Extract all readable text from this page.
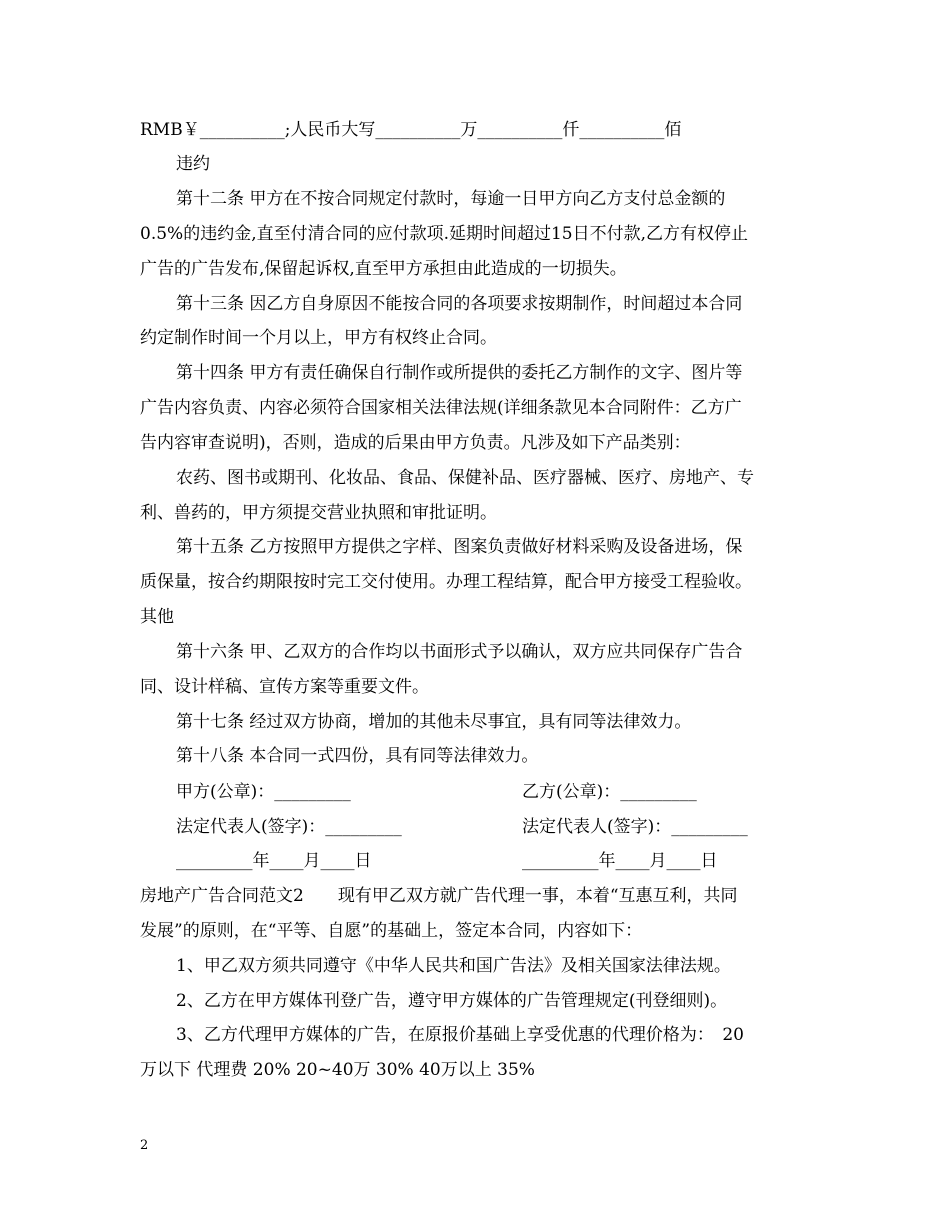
RMB￥__________;人民币大写__________万__________仟__________佰
违约
第十二条 甲方在不按合同规定付款时，每逾一日甲方向乙方支付总金额的
0.5%的违约金,直至付清合同的应付款项.延期时间超过15日不付款,乙方有权停止
广告的广告发布,保留起诉权,直至甲方承担由此造成的一切损失。
第十三条 因乙方自身原因不能按合同的各项要求按期制作，时间超过本合同
约定制作时间一个月以上，甲方有权终止合同。
第十四条 甲方有责任确保自行制作或所提供的委托乙方制作的文字、图片等
广告内容负责、内容必须符合国家相关法律法规(详细条款见本合同附件：乙方广
告内容审查说明)，否则，造成的后果由甲方负责。凡涉及如下产品类别：
农药、图书或期刊、化妆品、食品、保健补品、医疗器械、医疗、房地产、专
利、兽药的，甲方须提交营业执照和审批证明。
第十五条 乙方按照甲方提供之字样、图案负责做好材料采购及设备进场，保
质保量，按合约期限按时完工交付使用。办理工程结算，配合甲方接受工程验收。
其他
第十六条 甲、乙双方的合作均以书面形式予以确认，双方应共同保存广告合
同、设计样稿、宣传方案等重要文件。
第十七条 经过双方协商，增加的其他未尽事宜，具有同等法律效力。
第十八条 本合同一式四份，具有同等法律效力。
甲方(公章)：_________	乙方(公章)：_________
法定代表人(签字)：_________	法定代表人(签字)：_________
_________年____月____日	_________年____月____日
房地产广告合同范文2　　现有甲乙双方就广告代理一事，本着“互惠互利，共同
发展”的原则，在“平等、自愿”的基础上，签定本合同，内容如下：
1、甲乙双方须共同遵守《中华人民共和国广告法》及相关国家法律法规。
2、乙方在甲方媒体刊登广告，遵守甲方媒体的广告管理规定(刊登细则)。
3、乙方代理甲方媒体的广告，在原报价基础上享受优惠的代理价格为：　20
万以下 代理费 20% 20~40万 30% 40万以上 35%
2
